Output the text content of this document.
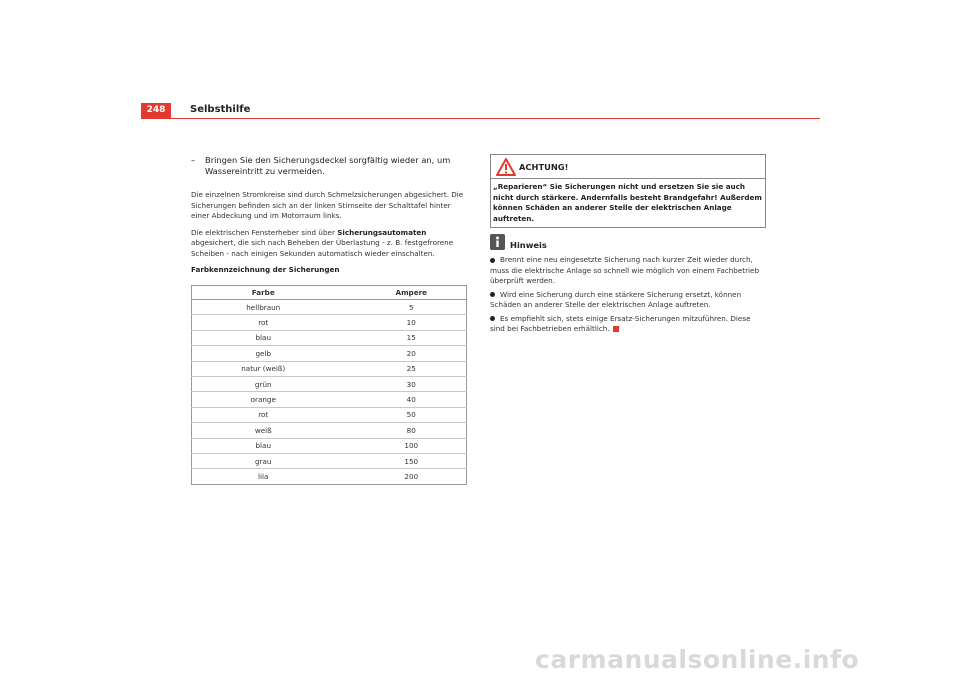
248	Selbsthilfe
– Bringen Sie den Sicherungsdeckel sorgfältig wieder an, um Wassereintritt zu vermeiden.
Die einzelnen Stromkreise sind durch Schmelzsicherungen abgesichert. Die Sicherungen befinden sich an der linken Stirnseite der Schalttafel hinter einer Abdeckung und im Motorraum links.
Die elektrischen Fensterheber sind über Sicherungsautomaten abgesichert, die sich nach Beheben der Überlastung - z. B. festgefrorene Scheiben - nach einigen Sekunden automatisch wieder einschalten.
Farbkennzeichnung der Sicherungen
Farbe	Ampere
hellbraun	5
rot	10
blau	15
gelb	20
natur (weiß)	25
grün	30
orange	40
rot	50
weiß	80
blau	100
grau	150
lila	200
ACHTUNG!
„Reparieren“ Sie Sicherungen nicht und ersetzen Sie sie auch nicht durch stärkere. Andernfalls besteht Brandgefahr! Außerdem können Schäden an anderer Stelle der elektrischen Anlage auftreten.
Hinweis
Brennt eine neu eingesetzte Sicherung nach kurzer Zeit wieder durch, muss die elektrische Anlage so schnell wie möglich von einem Fachbetrieb überprüft werden.
Wird eine Sicherung durch eine stärkere Sicherung ersetzt, können Schäden an anderer Stelle der elektrischen Anlage auftreten.
Es empfiehlt sich, stets einige Ersatz-Sicherungen mitzuführen. Diese sind bei Fachbetrieben erhältlich.
carmanualsonline.info
